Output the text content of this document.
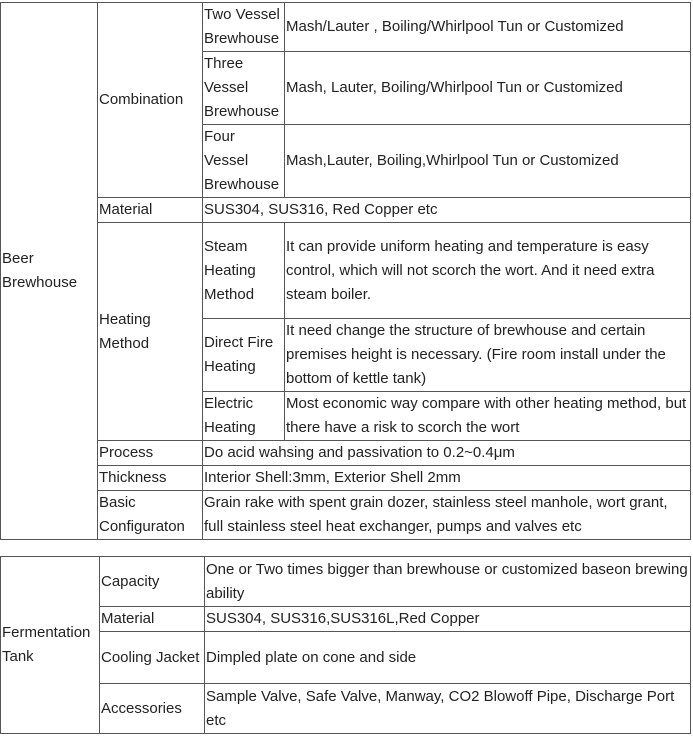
Beer Brewhouse	Combination	Two Vessel Brewhouse	Mash/Lauter , Boiling/Whirlpool Tun or Customized

		Three Vessel Brewhouse	Mash, Lauter, Boiling/Whirlpool Tun or Customized

		Four Vessel Brewhouse	Mash,Lauter, Boiling,Whirlpool Tun or Customized

	Material	SUS304, SUS316, Red Copper etc	

	Heating Method	Steam Heating Method	It can provide uniform heating and temperature is easy control, which will not scorch the wort. And it need extra steam boiler.

		Direct Fire Heating	It need change the structure of brewhouse and certain premises height is necessary. (Fire room install under the bottom of kettle tank)

		Electric Heating	Most economic way compare with other heating method, but there have a risk to scorch the wort

	Process	Do acid wahsing and passivation to 0.2~0.4μm	

	Thickness	Interior Shell:3mm, Exterior Shell 2mm	

	Basic Configuraton	Grain rake with spent grain dozer, stainless steel manhole, wort grant, full stainless steel heat exchanger, pumps and valves etc	
Fermentation Tank	Capacity	One or Two times bigger than brewhouse or customized baseon brewing ability

	Material	SUS304, SUS316,SUS316L,Red Copper

	Cooling Jacket	Dimpled plate on cone and side

	Accessories	Sample Valve, Safe Valve, Manway, CO2 Blowoff Pipe, Discharge Port etc
